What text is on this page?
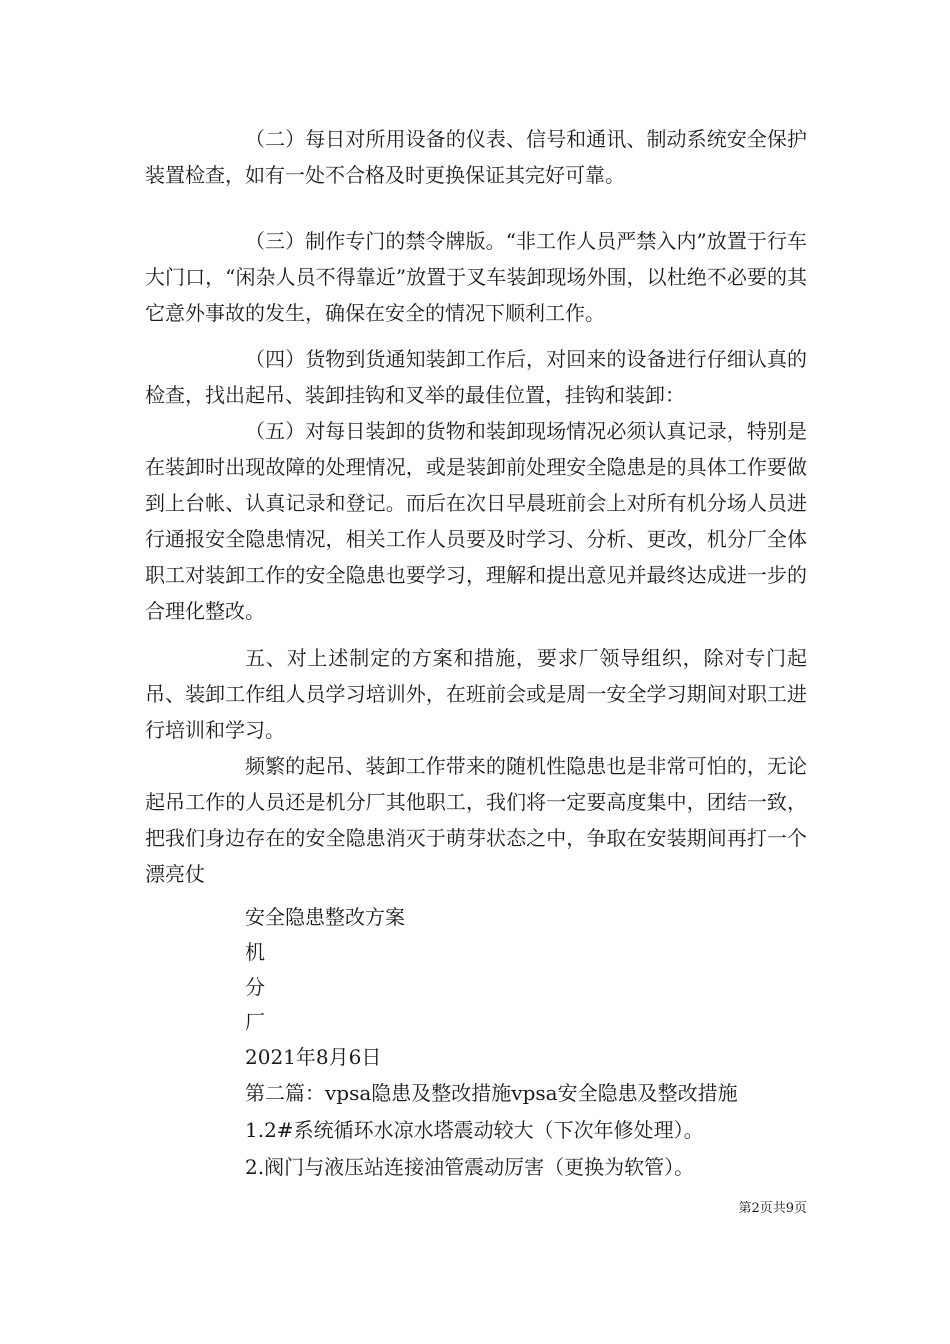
（二）每日对所用设备的仪表、信号和通讯、制动系统安全保护装置检查，如有一处不合格及时更换保证其完好可靠。

（三）制作专门的禁令牌版。“非工作人员严禁入内”放置于行车大门口，“闲杂人员不得靠近”放置于叉车装卸现场外围，以杜绝不必要的其它意外事故的发生，确保在安全的情况下顺利工作。

（四）货物到货通知装卸工作后，对回来的设备进行仔细认真的检查，找出起吊、装卸挂钩和叉举的最佳位置，挂钩和装卸：

（五）对每日装卸的货物和装卸现场情况必须认真记录，特别是在装卸时出现故障的处理情况，或是装卸前处理安全隐患是的具体工作要做到上台帐、认真记录和登记。而后在次日早晨班前会上对所有机分场人员进行通报安全隐患情况，相关工作人员要及时学习、分析、更改，机分厂全体职工对装卸工作的安全隐患也要学习，理解和提出意见并最终达成进一步的合理化整改。

五、对上述制定的方案和措施，要求厂领导组织，除对专门起吊、装卸工作组人员学习培训外，在班前会或是周一安全学习期间对职工进行培训和学习。

频繁的起吊、装卸工作带来的随机性隐患也是非常可怕的，无论起吊工作的人员还是机分厂其他职工，我们将一定要高度集中，团结一致，把我们身边存在的安全隐患消灭于萌芽状态之中，争取在安装期间再打一个漂亮仗

安全隐患整改方案

机

分

厂

2021年8月6日

第二篇：vpsa隐患及整改措施vpsa安全隐患及整改措施

1.2#系统循环水凉水塔震动较大（下次年修处理）。

2.阀门与液压站连接油管震动厉害（更换为软管）。

第2页共9页
